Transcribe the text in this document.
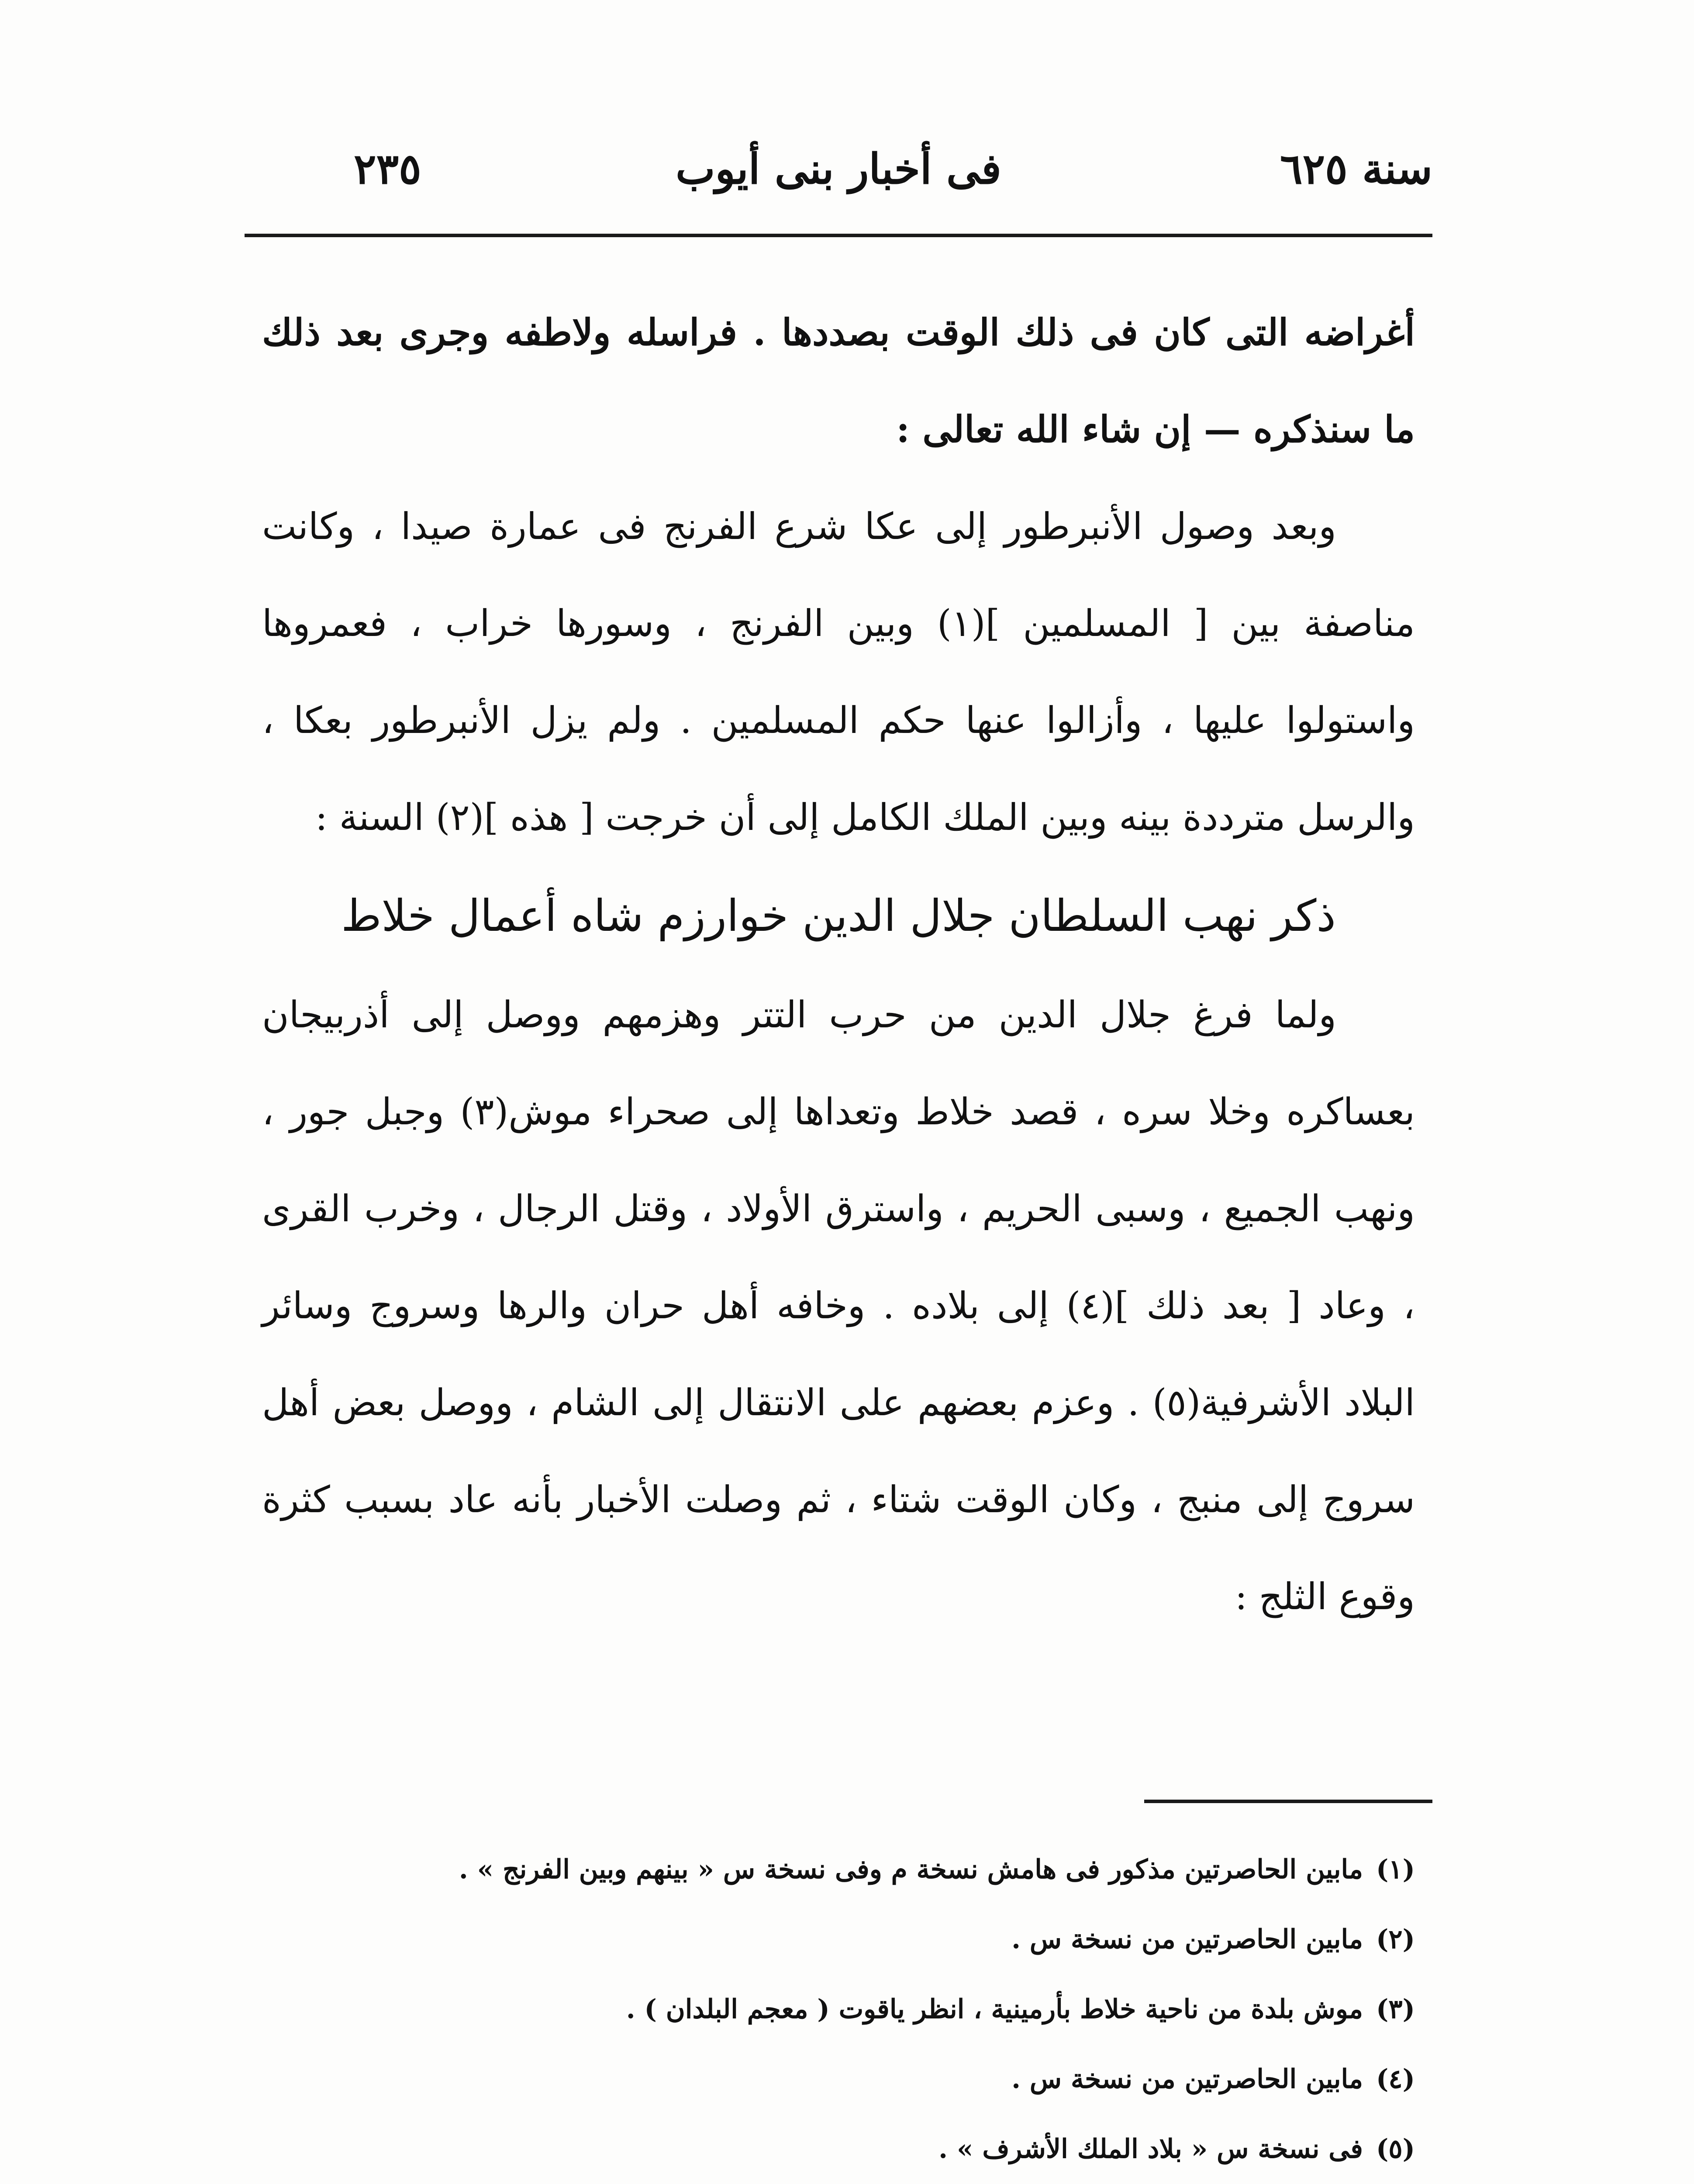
سنة ٦٢٥
فى أخبار بنى أيوب
٢٣٥

أغراضه التى كان فى ذلك الوقت بصددها . فراسله ولاطفه وجرى بعد ذلك ما سنذكره — إن شاء الله تعالى :

وبعد وصول الأنبرطور إلى عكا شرع الفرنج فى عمارة صيدا ، وكانت مناصفة بين [ المسلمين ](١) وبين الفرنج ، وسورها خراب ، فعمروها واستولوا عليها ، وأزالوا عنها حكم المسلمين . ولم يزل الأنبرطور بعكا ، والرسل مترددة بينه وبين الملك الكامل إلى أن خرجت [ هذه ](٢) السنة :

ذكر نهب السلطان جلال الدين خوارزم شاه أعمال خلاط

ولما فرغ جلال الدين من حرب التتر وهزمهم ووصل إلى أذربيجان بعساكره وخلا سره ، قصد خلاط وتعداها إلى صحراء موش(٣) وجبل جور ، ونهب الجميع ، وسبى الحريم ، واسترق الأولاد ، وقتل الرجال ، وخرب القرى ، وعاد [ بعد ذلك ](٤) إلى بلاده . وخافه أهل حران والرها وسروج وسائر البلاد الأشرفية(٥) . وعزم بعضهم على الانتقال إلى الشام ، ووصل بعض أهل سروج إلى منبج ، وكان الوقت شتاء ، ثم وصلت الأخبار بأنه عاد بسبب كثرة وقوع الثلج :

(١)مابين الحاصرتين مذكور فى هامش نسخة م وفى نسخة س « بينهم وبين الفرنج » .

(٢)مابين الحاصرتين من نسخة س .

(٣)موش بلدة من ناحية خلاط بأرمينية ، انظر ياقوت ( معجم البلدان ) .

(٤)مابين الحاصرتين من نسخة س .

(٥)فى نسخة س « بلاد الملك الأشرف » .
